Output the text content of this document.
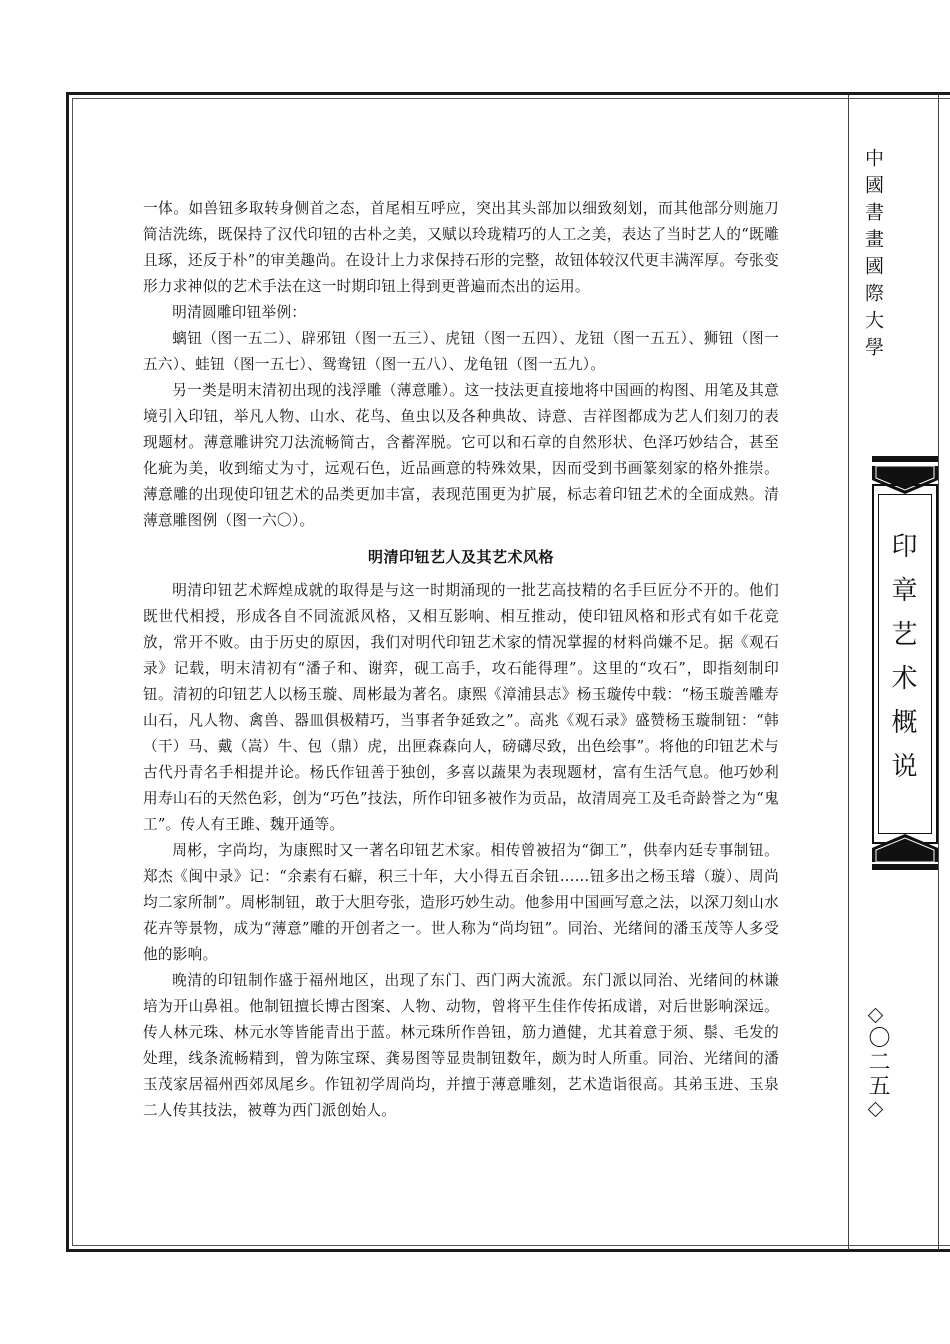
中國書畫國際大學
印章艺术概说
〇二五

一体。如兽钮多取转身侧首之态，首尾相互呼应，突出其头部加以细致刻划，而其他部分则施刀简洁洗练，既保持了汉代印钮的古朴之美，又赋以玲珑精巧的人工之美，表达了当时艺人的“既雕且琢，还反于朴”的审美趣尚。在设计上力求保持石形的完整，故钮体较汉代更丰满浑厚。夸张变形力求神似的艺术手法在这一时期印钮上得到更普遍而杰出的运用。

明清圆雕印钮举例：

螭钮（图一五二）、辟邪钮（图一五三）、虎钮（图一五四）、龙钮（图一五五）、狮钮（图一五六）、蛙钮（图一五七）、鸳鸯钮（图一五八）、龙龟钮（图一五九）。

另一类是明末清初出现的浅浮雕（薄意雕）。这一技法更直接地将中国画的构图、用笔及其意境引入印钮，举凡人物、山水、花鸟、鱼虫以及各种典故、诗意、吉祥图都成为艺人们刻刀的表现题材。薄意雕讲究刀法流畅简古，含蓄浑脱。它可以和石章的自然形状、色泽巧妙结合，甚至化疵为美，收到缩丈为寸，远观石色，近品画意的特殊效果，因而受到书画篆刻家的格外推崇。薄意雕的出现使印钮艺术的品类更加丰富，表现范围更为扩展，标志着印钮艺术的全面成熟。清薄意雕图例（图一六〇）。

明清印钮艺人及其艺术风格

明清印钮艺术辉煌成就的取得是与这一时期涌现的一批艺高技精的名手巨匠分不开的。他们既世代相授，形成各自不同流派风格，又相互影响、相互推动，使印钮风格和形式有如千花竞放，常开不败。由于历史的原因，我们对明代印钮艺术家的情况掌握的材料尚嫌不足。据《观石录》记载，明末清初有“潘子和、谢弈，砚工高手，攻石能得理”。这里的“攻石”，即指刻制印钮。清初的印钮艺人以杨玉璇、周彬最为著名。康熙《漳浦县志》杨玉璇传中载：“杨玉璇善雕寿山石，凡人物、禽兽、器皿俱极精巧，当事者争延致之”。高兆《观石录》盛赞杨玉璇制钮：“韩（干）马、戴（嵩）牛、包（鼎）虎，出匣森森向人，磅礴尽致，出色绘事”。将他的印钮艺术与古代丹青名手相提并论。杨氏作钮善于独创，多喜以蔬果为表现题材，富有生活气息。他巧妙利用寿山石的天然色彩，创为“巧色”技法，所作印钮多被作为贡品，故清周亮工及毛奇龄誉之为“鬼工”。传人有王雎、魏开通等。

周彬，字尚均，为康熙时又一著名印钮艺术家。相传曾被招为“御工”，供奉内廷专事制钮。郑杰《闽中录》记：“余素有石癖，积三十年，大小得五百余钮……钮多出之杨玉璿（璇）、周尚均二家所制”。周彬制钮，敢于大胆夸张，造形巧妙生动。他参用中国画写意之法，以深刀刻山水花卉等景物，成为“薄意”雕的开创者之一。世人称为“尚均钮”。同治、光绪间的潘玉茂等人多受他的影响。

晚清的印钮制作盛于福州地区，出现了东门、西门两大流派。东门派以同治、光绪间的林谦培为开山鼻祖。他制钮擅长博古图案、人物、动物，曾将平生佳作传拓成谱，对后世影响深远。传人林元珠、林元水等皆能青出于蓝。林元珠所作兽钮，筋力遒健，尤其着意于须、鬃、毛发的处理，线条流畅精到，曾为陈宝琛、龚易图等显贵制钮数年，颇为时人所重。同治、光绪间的潘玉茂家居福州西郊凤尾乡。作钮初学周尚均，并擅于薄意雕刻，艺术造诣很高。其弟玉进、玉泉二人传其技法，被尊为西门派创始人。
